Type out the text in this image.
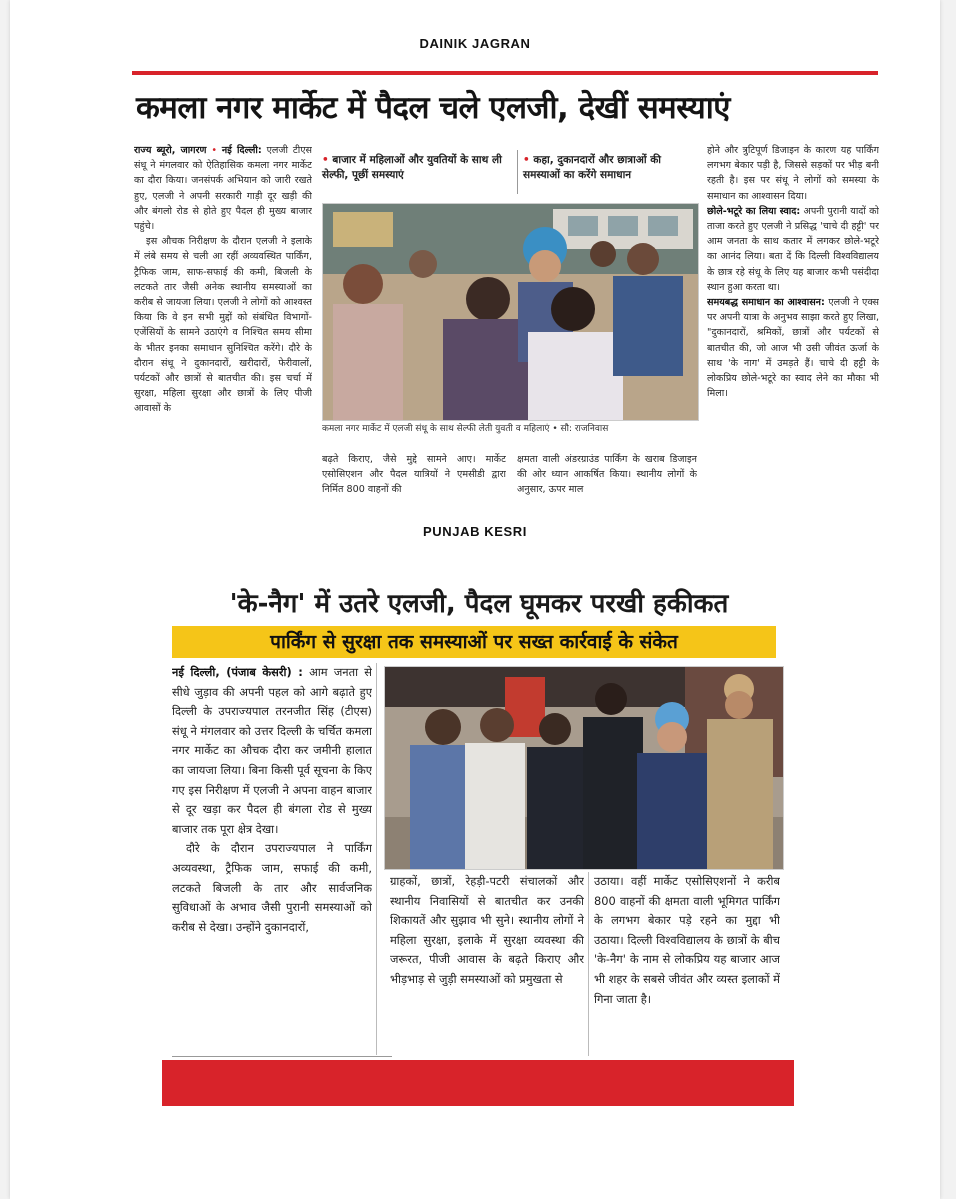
DAINIK JAGRAN
कमला नगर मार्केट में पैदल चले एलजी, देखीं समस्याएं

राज्य ब्यूरो, जागरण • नई दिल्ली: एलजी टीएस संधू ने मंगलवार को ऐतिहासिक कमला नगर मार्केट का दौरा किया। जनसंपर्क अभियान को जारी रखते हुए, एलजी ने अपनी सरकारी गाड़ी दूर खड़ी की और बंगलो रोड से होते हुए पैदल ही मुख्य बाजार पहुंचे।

इस औचक निरीक्षण के दौरान एलजी ने इलाके में लंबे समय से चली आ रहीं अव्यवस्थित पार्किंग, ट्रैफिक जाम, साफ-सफाई की कमी, बिजली के लटकते तार जैसी अनेक स्थानीय समस्याओं का करीब से जायजा लिया। एलजी ने लोगों को आश्वस्त किया कि वे इन सभी मुद्दों को संबंधित विभागों-एजेंसियों के सामने उठाएंगे व निश्चित समय सीमा के भीतर इनका समाधान सुनिश्चित करेंगे। दौरे के दौरान संधू ने दुकानदारों, खरीदारों, फेरीवालों, पर्यटकों और छात्रों से बातचीत की। इस चर्चा में सुरक्षा, महिला सुरक्षा और छात्रों के लिए पीजी आवासों के

• बाजार में महिलाओं और युवतियों के साथ ली सेल्फी, पूछीं समस्याएं
• कहा, दुकानदारों और छात्राओं की समस्याओं का करेंगे समाधान
कमला नगर मार्केट में एलजी संधू के साथ सेल्फी लेती युवती व महिलाएं • सौ: राजनिवास

बढ़ते किराए, जैसे मुद्दे सामने आए। मार्केट एसोसिएशन और पैदल यात्रियों ने एमसीडी द्वारा निर्मित 800 वाहनों की

क्षमता वाली अंडरग्राउंड पार्किंग के खराब डिजाइन की ओर ध्यान आकर्षित किया। स्थानीय लोगों के अनुसार, ऊपर माल

होने और त्रुटिपूर्ण डिजाइन के कारण यह पार्किंग लगभग बेकार पड़ी है, जिससे सड़कों पर भीड़ बनी रहती है। इस पर संधू ने लोगों को समस्या के समाधान का आश्वासन दिया।

छोले-भटूरे का लिया स्वाद: अपनी पुरानी यादों को ताजा करते हुए एलजी ने प्रसिद्ध 'चाचे दी हट्टी' पर आम जनता के साथ कतार में लगकर छोले-भटूरे का आनंद लिया। बता दें कि दिल्ली विश्वविद्यालय के छात्र रहे संधू के लिए यह बाजार कभी पसंदीदा स्थान हुआ करता था।

समयबद्ध समाधान का आश्वासन: एलजी ने एक्स पर अपनी यात्रा के अनुभव साझा करते हुए लिखा, "दुकानदारों, श्रमिकों, छात्रों और पर्यटकों से बातचीत की, जो आज भी उसी जीवंत ऊर्जा के साथ 'के नाग' में उमड़ते हैं। चाचे दी हट्टी के लोकप्रिय छोले-भटूरे का स्वाद लेने का मौका भी मिला।

PUNJAB KESRI
'के-नैग' में उतरे एलजी, पैदल घूमकर परखी हकीकत
पार्किंग से सुरक्षा तक समस्याओं पर सख्त कार्रवाई के संकेत

नई दिल्ली, (पंजाब केसरी) : आम जनता से सीधे जुड़ाव की अपनी पहल को आगे बढ़ाते हुए दिल्ली के उपराज्यपाल तरनजीत सिंह (टीएस) संधू ने मंगलवार को उत्तर दिल्ली के चर्चित कमला नगर मार्केट का औचक दौरा कर जमीनी हालात का जायजा लिया। बिना किसी पूर्व सूचना के किए गए इस निरीक्षण में एलजी ने अपना वाहन बाजार से दूर खड़ा कर पैदल ही बंगला रोड से मुख्य बाजार तक पूरा क्षेत्र देखा।

दौरे के दौरान उपराज्यपाल ने पार्किंग अव्यवस्था, ट्रैफिक जाम, सफाई की कमी, लटकते बिजली के तार और सार्वजनिक सुविधाओं के अभाव जैसी पुरानी समस्याओं को करीब से देखा। उन्होंने दुकानदारों,

ग्राहकों, छात्रों, रेहड़ी-पटरी संचालकों और स्थानीय निवासियों से बातचीत कर उनकी शिकायतें और सुझाव भी सुने। स्थानीय लोगों ने महिला सुरक्षा, इलाके में सुरक्षा व्यवस्था की जरूरत, पीजी आवास के बढ़ते किराए और भीड़भाड़ से जुड़ी समस्याओं को प्रमुखता से

उठाया। वहीं मार्केट एसोसिएशनों ने करीब 800 वाहनों की क्षमता वाली भूमिगत पार्किंग के लगभग बेकार पड़े रहने का मुद्दा भी उठाया। दिल्ली विश्वविद्यालय के छात्रों के बीच 'के-नैग' के नाम से लोकप्रिय यह बाजार आज भी शहर के सबसे जीवंत और व्यस्त इलाकों में गिना जाता है।
